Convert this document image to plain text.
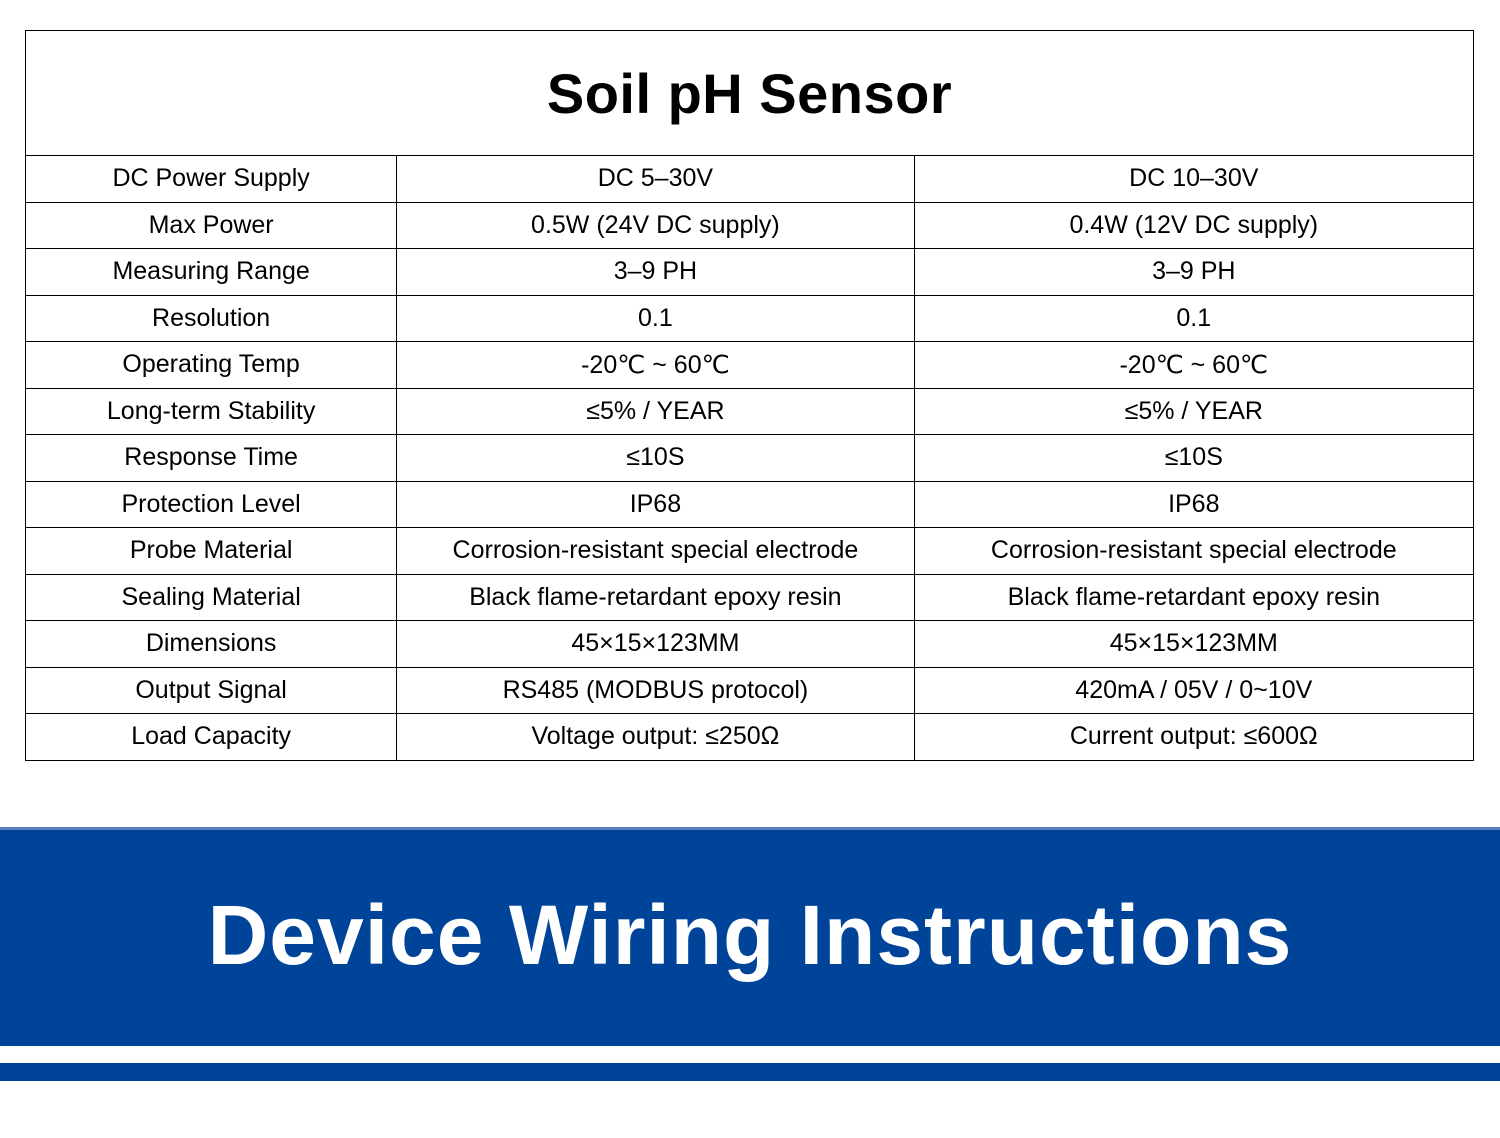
Soil pH Sensor		
DC Power Supply	DC 5–30V	DC 10–30V
Max Power	0.5W (24V DC supply)	0.4W (12V DC supply)
Measuring Range	3–9 PH	3–9 PH
Resolution	0.1	0.1
Operating Temp	-20℃ ~ 60℃	-20℃ ~ 60℃
Long-term Stability	≤5% / YEAR	≤5% / YEAR
Response Time	≤10S	≤10S
Protection Level	IP68	IP68
Probe Material	Corrosion-resistant special electrode	Corrosion-resistant special electrode
Sealing Material	Black flame-retardant epoxy resin	Black flame-retardant epoxy resin
Dimensions	45×15×123MM	45×15×123MM
Output Signal	RS485 (MODBUS protocol)	420mA / 05V / 0~10V
Load Capacity	Voltage output: ≤250Ω	Current output: ≤600Ω
Device Wiring Instructions
